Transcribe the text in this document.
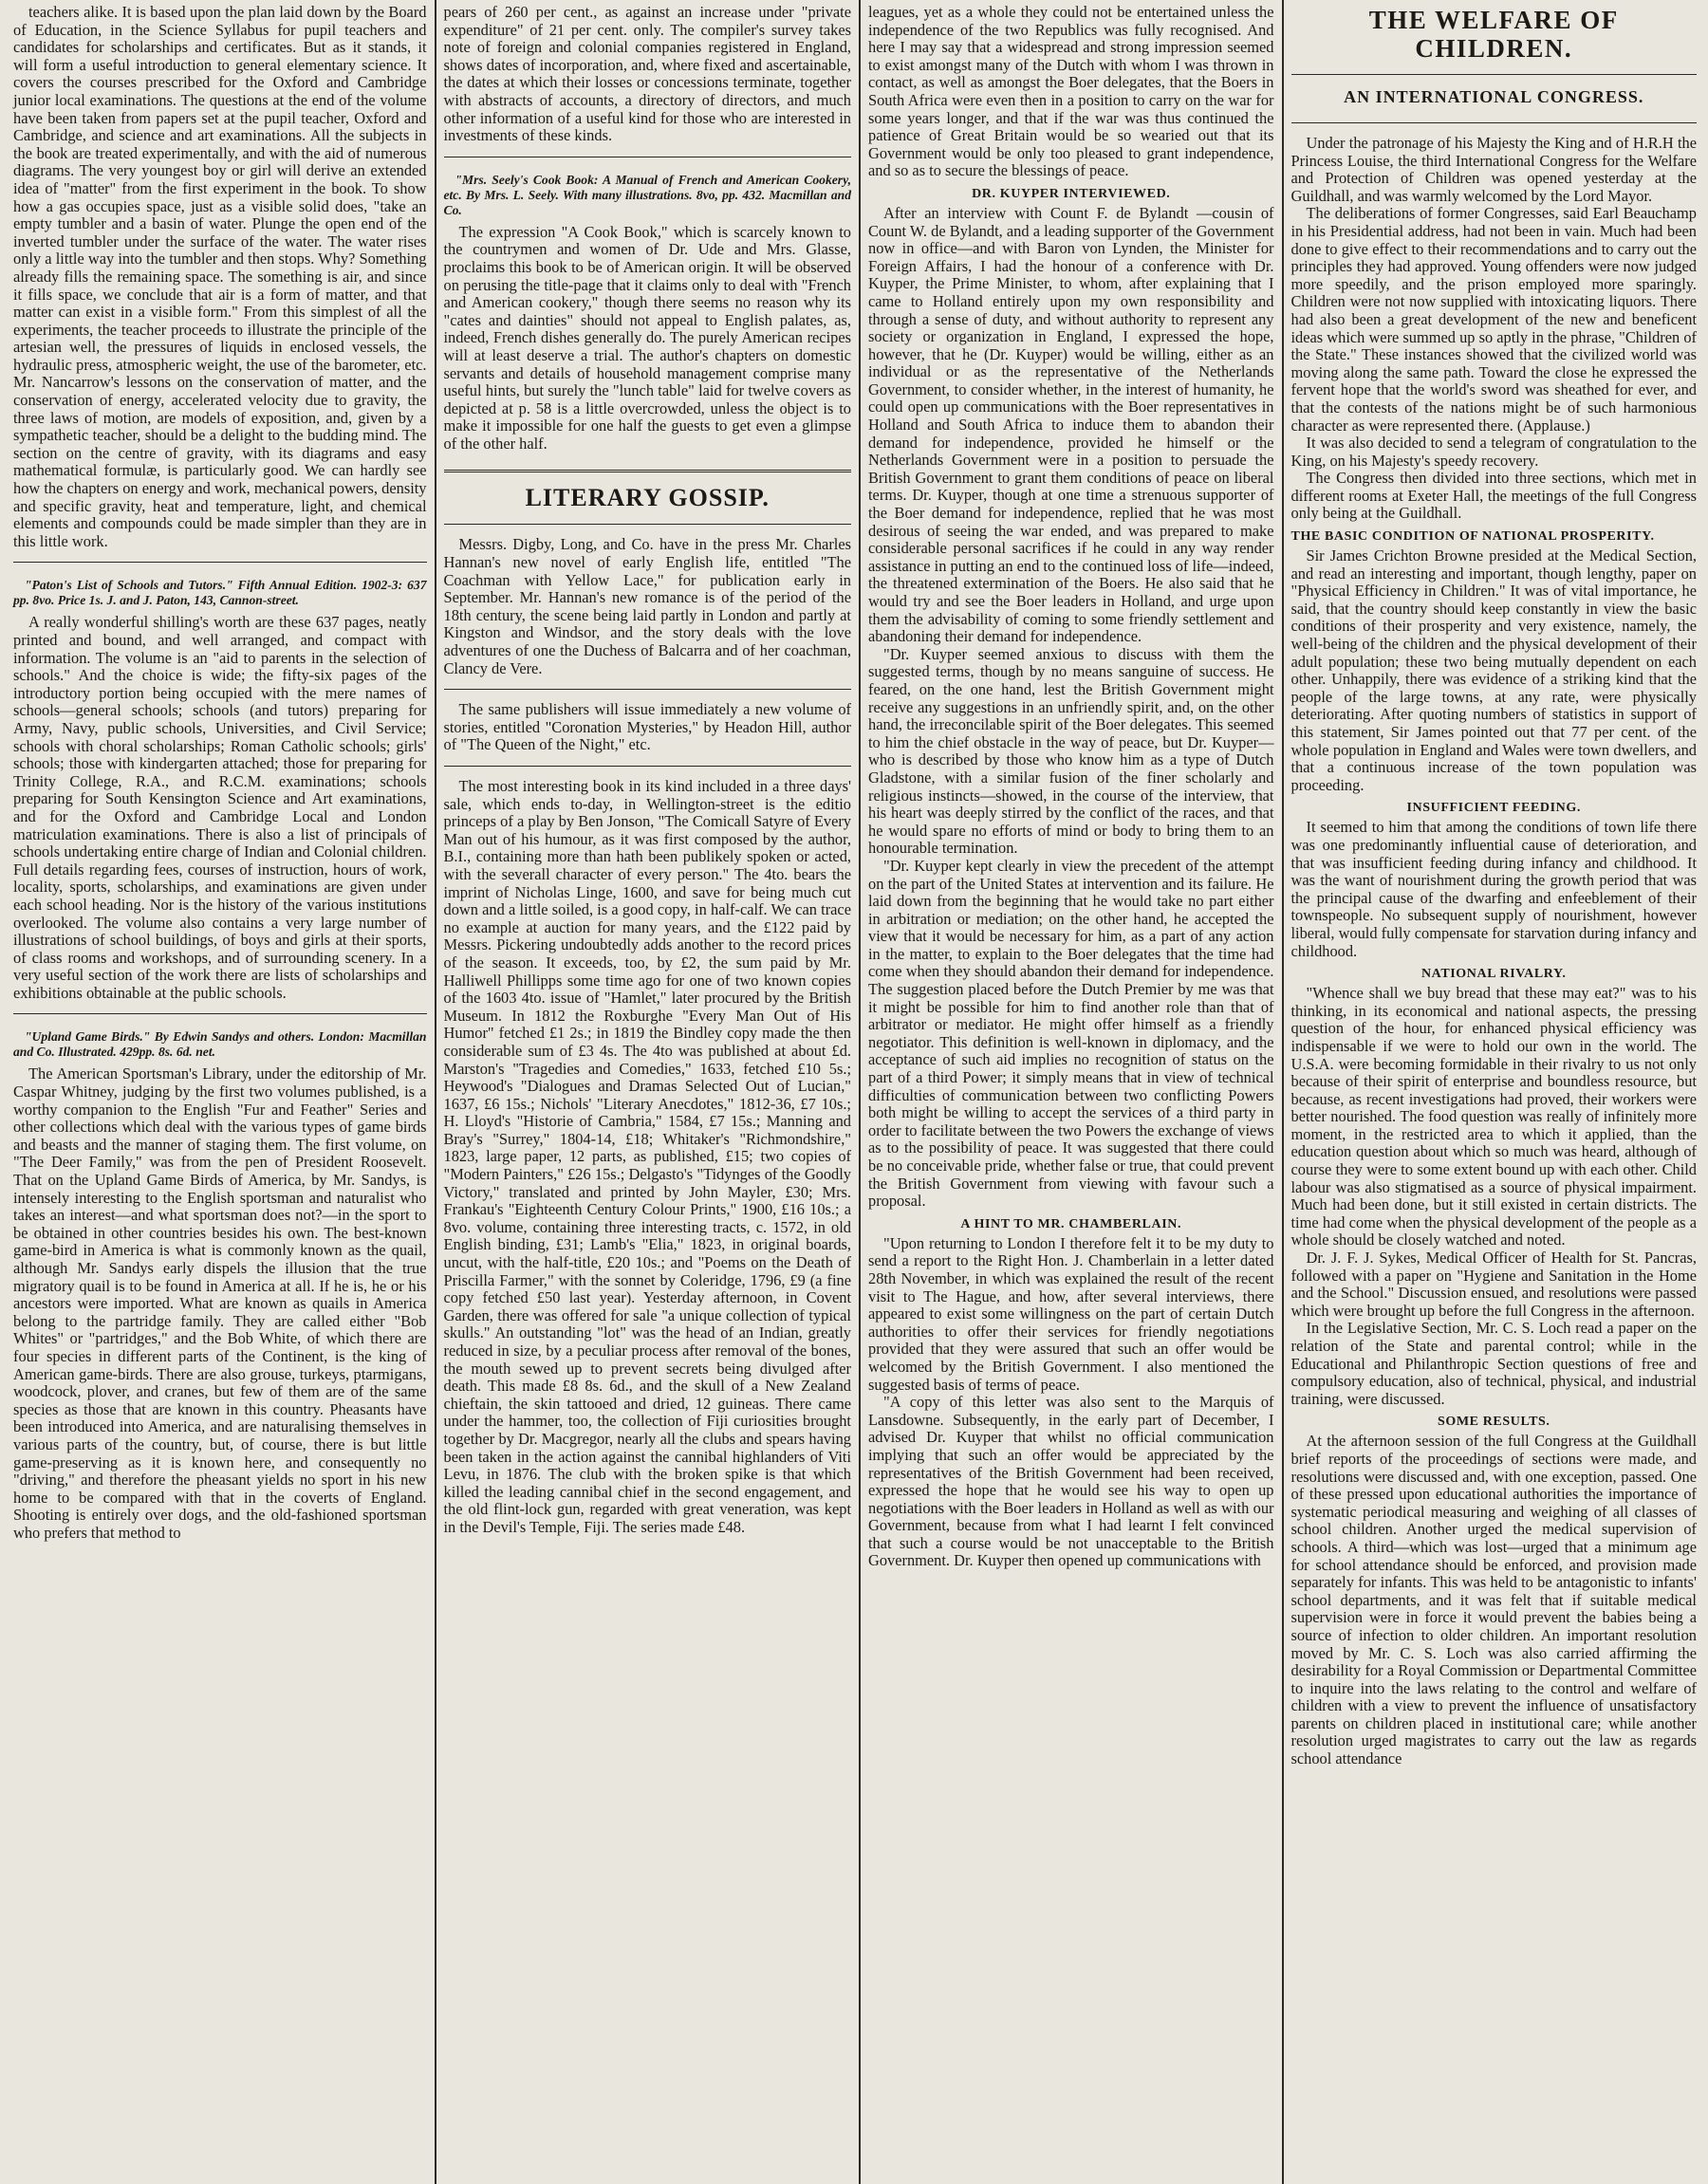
teachers alike. It is based upon the plan laid down by the Board of Education, in the Science Syllabus for pupil teachers and candidates for scholarships and certificates. But as it stands, it will form a useful introduction to general elementary science. It covers the courses prescribed for the Oxford and Cambridge junior local examinations. The questions at the end of the volume have been taken from papers set at the pupil teacher, Oxford and Cambridge, and science and art examinations. All the subjects in the book are treated experimentally, and with the aid of numerous diagrams. The very youngest boy or girl will derive an extended idea of "matter" from the first experiment in the book. To show how a gas occupies space, just as a visible solid does, "take an empty tumbler and a basin of water. Plunge the open end of the inverted tumbler under the surface of the water. The water rises only a little way into the tumbler and then stops. Why? Something already fills the remaining space. The something is air, and since it fills space, we conclude that air is a form of matter, and that matter can exist in a visible form." From this simplest of all the experiments, the teacher proceeds to illustrate the principle of the artesian well, the pressures of liquids in enclosed vessels, the hydraulic press, atmospheric weight, the use of the barometer, etc. Mr. Nancarrow's lessons on the conservation of matter, and the conservation of energy, accelerated velocity due to gravity, the three laws of motion, are models of exposition, and, given by a sympathetic teacher, should be a delight to the budding mind. The section on the centre of gravity, with its diagrams and easy mathematical formulæ, is particularly good. We can hardly see how the chapters on energy and work, mechanical powers, density and specific gravity, heat and temperature, light, and chemical elements and compounds could be made simpler than they are in this little work.

"Paton's List of Schools and Tutors." Fifth Annual Edition. 1902-3: 637 pp. 8vo. Price 1s. J. and J. Paton, 143, Cannon-street.

A really wonderful shilling's worth are these 637 pages, neatly printed and bound, and well arranged, and compact with information. The volume is an "aid to parents in the selection of schools." And the choice is wide; the fifty-six pages of the introductory portion being occupied with the mere names of schools—general schools; schools (and tutors) preparing for Army, Navy, public schools, Universities, and Civil Service; schools with choral scholarships; Roman Catholic schools; girls' schools; those with kindergarten attached; those for preparing for Trinity College, R.A., and R.C.M. examinations; schools preparing for South Kensington Science and Art examinations, and for the Oxford and Cambridge Local and London matriculation examinations. There is also a list of principals of schools undertaking entire charge of Indian and Colonial children. Full details regarding fees, courses of instruction, hours of work, locality, sports, scholarships, and examinations are given under each school heading. Nor is the history of the various institutions overlooked. The volume also contains a very large number of illustrations of school buildings, of boys and girls at their sports, of class rooms and workshops, and of surrounding scenery. In a very useful section of the work there are lists of scholarships and exhibitions obtainable at the public schools.

"Upland Game Birds." By Edwin Sandys and others. London: Macmillan and Co. Illustrated. 429pp. 8s. 6d. net.

The American Sportsman's Library, under the editorship of Mr. Caspar Whitney, judging by the first two volumes published, is a worthy companion to the English "Fur and Feather" Series and other collections which deal with the various types of game birds and beasts and the manner of staging them. The first volume, on "The Deer Family," was from the pen of President Roosevelt. That on the Upland Game Birds of America, by Mr. Sandys, is intensely interesting to the English sportsman and naturalist who takes an interest—and what sportsman does not?—in the sport to be obtained in other countries besides his own. The best-known game-bird in America is what is commonly known as the quail, although Mr. Sandys early dispels the illusion that the true migratory quail is to be found in America at all. If he is, he or his ancestors were imported. What are known as quails in America belong to the partridge family. They are called either "Bob Whites" or "partridges," and the Bob White, of which there are four species in different parts of the Continent, is the king of American game-birds. There are also grouse, turkeys, ptarmigans, woodcock, plover, and cranes, but few of them are of the same species as those that are known in this country. Pheasants have been introduced into America, and are naturalising themselves in various parts of the country, but, of course, there is but little game-preserving as it is known here, and consequently no "driving," and therefore the pheasant yields no sport in his new home to be compared with that in the coverts of England. Shooting is entirely over dogs, and the old-fashioned sportsman who prefers that method to

pears of 260 per cent., as against an increase under "private expenditure" of 21 per cent. only. The compiler's survey takes note of foreign and colonial companies registered in England, shows dates of incorporation, and, where fixed and ascertainable, the dates at which their losses or concessions terminate, together with abstracts of accounts, a directory of directors, and much other information of a useful kind for those who are interested in investments of these kinds.

"Mrs. Seely's Cook Book: A Manual of French and American Cookery, etc. By Mrs. L. Seely. With many illustrations. 8vo, pp. 432. Macmillan and Co.

The expression "A Cook Book," which is scarcely known to the countrymen and women of Dr. Ude and Mrs. Glasse, proclaims this book to be of American origin. It will be observed on perusing the title-page that it claims only to deal with "French and American cookery," though there seems no reason why its "cates and dainties" should not appeal to English palates, as, indeed, French dishes generally do. The purely American recipes will at least deserve a trial. The author's chapters on domestic servants and details of household management comprise many useful hints, but surely the "lunch table" laid for twelve covers as depicted at p. 58 is a little overcrowded, unless the object is to make it impossible for one half the guests to get even a glimpse of the other half.

LITERARY GOSSIP.

Messrs. Digby, Long, and Co. have in the press Mr. Charles Hannan's new novel of early English life, entitled "The Coachman with Yellow Lace," for publication early in September. Mr. Hannan's new romance is of the period of the 18th century, the scene being laid partly in London and partly at Kingston and Windsor, and the story deals with the love adventures of one the Duchess of Balcarra and of her coachman, Clancy de Vere.

The same publishers will issue immediately a new volume of stories, entitled "Coronation Mysteries," by Headon Hill, author of "The Queen of the Night," etc.

The most interesting book in its kind included in a three days' sale, which ends to-day, in Wellington-street is the editio princeps of a play by Ben Jonson, "The Comicall Satyre of Every Man out of his humour, as it was first composed by the author, B.I., containing more than hath been publikely spoken or acted, with the severall character of every person." The 4to. bears the imprint of Nicholas Linge, 1600, and save for being much cut down and a little soiled, is a good copy, in half-calf. We can trace no example at auction for many years, and the £122 paid by Messrs. Pickering undoubtedly adds another to the record prices of the season. It exceeds, too, by £2, the sum paid by Mr. Halliwell Phillipps some time ago for one of two known copies of the 1603 4to. issue of "Hamlet," later procured by the British Museum. In 1812 the Roxburghe "Every Man Out of His Humor" fetched £1 2s.; in 1819 the Bindley copy made the then considerable sum of £3 4s. The 4to was published at about £d. Marston's "Tragedies and Comedies," 1633, fetched £10 5s.; Heywood's "Dialogues and Dramas Selected Out of Lucian," 1637, £6 15s.; Nichols' "Literary Anecdotes," 1812-36, £7 10s.; H. Lloyd's "Historie of Cambria," 1584, £7 15s.; Manning and Bray's "Surrey," 1804-14, £18; Whitaker's "Richmondshire," 1823, large paper, 12 parts, as published, £15; two copies of "Modern Painters," £26 15s.; Delgasto's "Tidynges of the Goodly Victory," translated and printed by John Mayler, £30; Mrs. Frankau's "Eighteenth Century Colour Prints," 1900, £16 10s.; a 8vo. volume, containing three interesting tracts, c. 1572, in old English binding, £31; Lamb's "Elia," 1823, in original boards, uncut, with the half-title, £20 10s.; and "Poems on the Death of Priscilla Farmer," with the sonnet by Coleridge, 1796, £9 (a fine copy fetched £50 last year). Yesterday afternoon, in Covent Garden, there was offered for sale "a unique collection of typical skulls." An outstanding "lot" was the head of an Indian, greatly reduced in size, by a peculiar process after removal of the bones, the mouth sewed up to prevent secrets being divulged after death. This made £8 8s. 6d., and the skull of a New Zealand chieftain, the skin tattooed and dried, 12 guineas. There came under the hammer, too, the collection of Fiji curiosities brought together by Dr. Macgregor, nearly all the clubs and spears having been taken in the action against the cannibal highlanders of Viti Levu, in 1876. The club with the broken spike is that which killed the leading cannibal chief in the second engagement, and the old flint-lock gun, regarded with great veneration, was kept in the Devil's Temple, Fiji. The series made £48.

leagues, yet as a whole they could not be entertained unless the independence of the two Republics was fully recognised. And here I may say that a widespread and strong impression seemed to exist amongst many of the Dutch with whom I was thrown in contact, as well as amongst the Boer delegates, that the Boers in South Africa were even then in a position to carry on the war for some years longer, and that if the war was thus continued the patience of Great Britain would be so wearied out that its Government would be only too pleased to grant independence, and so as to secure the blessings of peace.

DR. KUYPER INTERVIEWED.

After an interview with Count F. de Bylandt —cousin of Count W. de Bylandt, and a leading supporter of the Government now in office—and with Baron von Lynden, the Minister for Foreign Affairs, I had the honour of a conference with Dr. Kuyper, the Prime Minister, to whom, after explaining that I came to Holland entirely upon my own responsibility and through a sense of duty, and without authority to represent any society or organization in England, I expressed the hope, however, that he (Dr. Kuyper) would be willing, either as an individual or as the representative of the Netherlands Government, to consider whether, in the interest of humanity, he could open up communications with the Boer representatives in Holland and South Africa to induce them to abandon their demand for independence, provided he himself or the Netherlands Government were in a position to persuade the British Government to grant them conditions of peace on liberal terms. Dr. Kuyper, though at one time a strenuous supporter of the Boer demand for independence, replied that he was most desirous of seeing the war ended, and was prepared to make considerable personal sacrifices if he could in any way render assistance in putting an end to the continued loss of life—indeed, the threatened extermination of the Boers. He also said that he would try and see the Boer leaders in Holland, and urge upon them the advisability of coming to some friendly settlement and abandoning their demand for independence.

"Dr. Kuyper seemed anxious to discuss with them the suggested terms, though by no means sanguine of success. He feared, on the one hand, lest the British Government might receive any suggestions in an unfriendly spirit, and, on the other hand, the irreconcilable spirit of the Boer delegates. This seemed to him the chief obstacle in the way of peace, but Dr. Kuyper—who is described by those who know him as a type of Dutch Gladstone, with a similar fusion of the finer scholarly and religious instincts—showed, in the course of the interview, that his heart was deeply stirred by the conflict of the races, and that he would spare no efforts of mind or body to bring them to an honourable termination.

"Dr. Kuyper kept clearly in view the precedent of the attempt on the part of the United States at intervention and its failure. He laid down from the beginning that he would take no part either in arbitration or mediation; on the other hand, he accepted the view that it would be necessary for him, as a part of any action in the matter, to explain to the Boer delegates that the time had come when they should abandon their demand for independence. The suggestion placed before the Dutch Premier by me was that it might be possible for him to find another role than that of arbitrator or mediator. He might offer himself as a friendly negotiator. This definition is well-known in diplomacy, and the acceptance of such aid implies no recognition of status on the part of a third Power; it simply means that in view of technical difficulties of communication between two conflicting Powers both might be willing to accept the services of a third party in order to facilitate between the two Powers the exchange of views as to the possibility of peace. It was suggested that there could be no conceivable pride, whether false or true, that could prevent the British Government from viewing with favour such a proposal.

A HINT TO MR. CHAMBERLAIN.

"Upon returning to London I therefore felt it to be my duty to send a report to the Right Hon. J. Chamberlain in a letter dated 28th November, in which was explained the result of the recent visit to The Hague, and how, after several interviews, there appeared to exist some willingness on the part of certain Dutch authorities to offer their services for friendly negotiations provided that they were assured that such an offer would be welcomed by the British Government. I also mentioned the suggested basis of terms of peace.

"A copy of this letter was also sent to the Marquis of Lansdowne. Subsequently, in the early part of December, I advised Dr. Kuyper that whilst no official communication implying that such an offer would be appreciated by the representatives of the British Government had been received, expressed the hope that he would see his way to open up negotiations with the Boer leaders in Holland as well as with our Government, because from what I had learnt I felt convinced that such a course would be not unacceptable to the British Government. Dr. Kuyper then opened up communications with

THE WELFARE OF CHILDREN.
AN INTERNATIONAL CONGRESS.

Under the patronage of his Majesty the King and of H.R.H the Princess Louise, the third International Congress for the Welfare and Protection of Children was opened yesterday at the Guildhall, and was warmly welcomed by the Lord Mayor.

The deliberations of former Congresses, said Earl Beauchamp in his Presidential address, had not been in vain. Much had been done to give effect to their recommendations and to carry out the principles they had approved. Young offenders were now judged more speedily, and the prison employed more sparingly. Children were not now supplied with intoxicating liquors. There had also been a great development of the new and beneficent ideas which were summed up so aptly in the phrase, "Children of the State." These instances showed that the civilized world was moving along the same path. Toward the close he expressed the fervent hope that the world's sword was sheathed for ever, and that the contests of the nations might be of such harmonious character as were represented there. (Applause.)

It was also decided to send a telegram of congratulation to the King, on his Majesty's speedy recovery.

The Congress then divided into three sections, which met in different rooms at Exeter Hall, the meetings of the full Congress only being at the Guildhall.

THE BASIC CONDITION OF NATIONAL PROSPERITY.

Sir James Crichton Browne presided at the Medical Section, and read an interesting and important, though lengthy, paper on "Physical Efficiency in Children." It was of vital importance, he said, that the country should keep constantly in view the basic conditions of their prosperity and very existence, namely, the well-being of the children and the physical development of their adult population; these two being mutually dependent on each other. Unhappily, there was evidence of a striking kind that the people of the large towns, at any rate, were physically deteriorating. After quoting numbers of statistics in support of this statement, Sir James pointed out that 77 per cent. of the whole population in England and Wales were town dwellers, and that a continuous increase of the town population was proceeding.

INSUFFICIENT FEEDING.

It seemed to him that among the conditions of town life there was one predominantly influential cause of deterioration, and that was insufficient feeding during infancy and childhood. It was the want of nourishment during the growth period that was the principal cause of the dwarfing and enfeeblement of their townspeople. No subsequent supply of nourishment, however liberal, would fully compensate for starvation during infancy and childhood.

NATIONAL RIVALRY.

"Whence shall we buy bread that these may eat?" was to his thinking, in its economical and national aspects, the pressing question of the hour, for enhanced physical efficiency was indispensable if we were to hold our own in the world. The U.S.A. were becoming formidable in their rivalry to us not only because of their spirit of enterprise and boundless resource, but because, as recent investigations had proved, their workers were better nourished. The food question was really of infinitely more moment, in the restricted area to which it applied, than the education question about which so much was heard, although of course they were to some extent bound up with each other. Child labour was also stigmatised as a source of physical impairment. Much had been done, but it still existed in certain districts. The time had come when the physical development of the people as a whole should be closely watched and noted.

Dr. J. F. J. Sykes, Medical Officer of Health for St. Pancras, followed with a paper on "Hygiene and Sanitation in the Home and the School." Discussion ensued, and resolutions were passed which were brought up before the full Congress in the afternoon.

In the Legislative Section, Mr. C. S. Loch read a paper on the relation of the State and parental control; while in the Educational and Philanthropic Section questions of free and compulsory education, also of technical, physical, and industrial training, were discussed.

SOME RESULTS.

At the afternoon session of the full Congress at the Guildhall brief reports of the proceedings of sections were made, and resolutions were discussed and, with one exception, passed. One of these pressed upon educational authorities the importance of systematic periodical measuring and weighing of all classes of school children. Another urged the medical supervision of schools. A third—which was lost—urged that a minimum age for school attendance should be enforced, and provision made separately for infants. This was held to be antagonistic to infants' school departments, and it was felt that if suitable medical supervision were in force it would prevent the babies being a source of infection to older children. An important resolution moved by Mr. C. S. Loch was also carried affirming the desirability for a Royal Commission or Departmental Committee to inquire into the laws relating to the control and welfare of children with a view to prevent the influence of unsatisfactory parents on children placed in institutional care; while another resolution urged magistrates to carry out the law as regards school attendance
